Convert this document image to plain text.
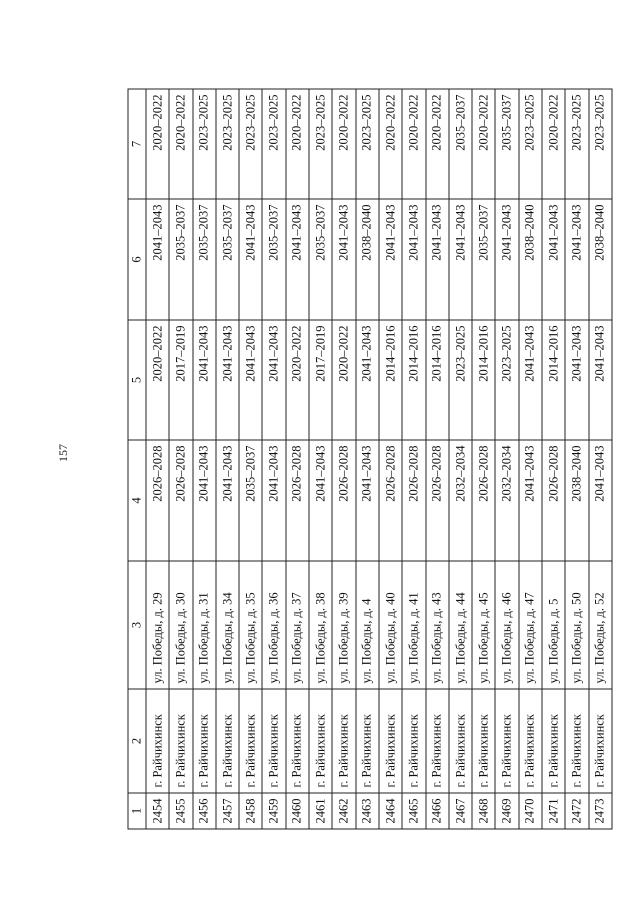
157
1	2	3	4	5	6	7
2454	г. Райчихинск	ул. Победы, д. 29	2026–2028	2020–2022	2041–2043	2020–2022
2455	г. Райчихинск	ул. Победы, д. 30	2026–2028	2017–2019	2035–2037	2020–2022
2456	г. Райчихинск	ул. Победы, д. 31	2041–2043	2041–2043	2035–2037	2023–2025
2457	г. Райчихинск	ул. Победы, д. 34	2041–2043	2041–2043	2035–2037	2023–2025
2458	г. Райчихинск	ул. Победы, д. 35	2035–2037	2041–2043	2041–2043	2023–2025
2459	г. Райчихинск	ул. Победы, д. 36	2041–2043	2041–2043	2035–2037	2023–2025
2460	г. Райчихинск	ул. Победы, д. 37	2026–2028	2020–2022	2041–2043	2020–2022
2461	г. Райчихинск	ул. Победы, д. 38	2041–2043	2017–2019	2035–2037	2023–2025
2462	г. Райчихинск	ул. Победы, д. 39	2026–2028	2020–2022	2041–2043	2020–2022
2463	г. Райчихинск	ул. Победы, д. 4	2041–2043	2041–2043	2038–2040	2023–2025
2464	г. Райчихинск	ул. Победы, д. 40	2026–2028	2014–2016	2041–2043	2020–2022
2465	г. Райчихинск	ул. Победы, д. 41	2026–2028	2014–2016	2041–2043	2020–2022
2466	г. Райчихинск	ул. Победы, д. 43	2026–2028	2014–2016	2041–2043	2020–2022
2467	г. Райчихинск	ул. Победы, д. 44	2032–2034	2023–2025	2041–2043	2035–2037
2468	г. Райчихинск	ул. Победы, д. 45	2026–2028	2014–2016	2035–2037	2020–2022
2469	г. Райчихинск	ул. Победы, д. 46	2032–2034	2023–2025	2041–2043	2035–2037
2470	г. Райчихинск	ул. Победы, д. 47	2041–2043	2041–2043	2038–2040	2023–2025
2471	г. Райчихинск	ул. Победы, д. 5	2026–2028	2014–2016	2041–2043	2020–2022
2472	г. Райчихинск	ул. Победы, д. 50	2038–2040	2041–2043	2041–2043	2023–2025
2473	г. Райчихинск	ул. Победы, д. 52	2041–2043	2041–2043	2038–2040	2023–2025
